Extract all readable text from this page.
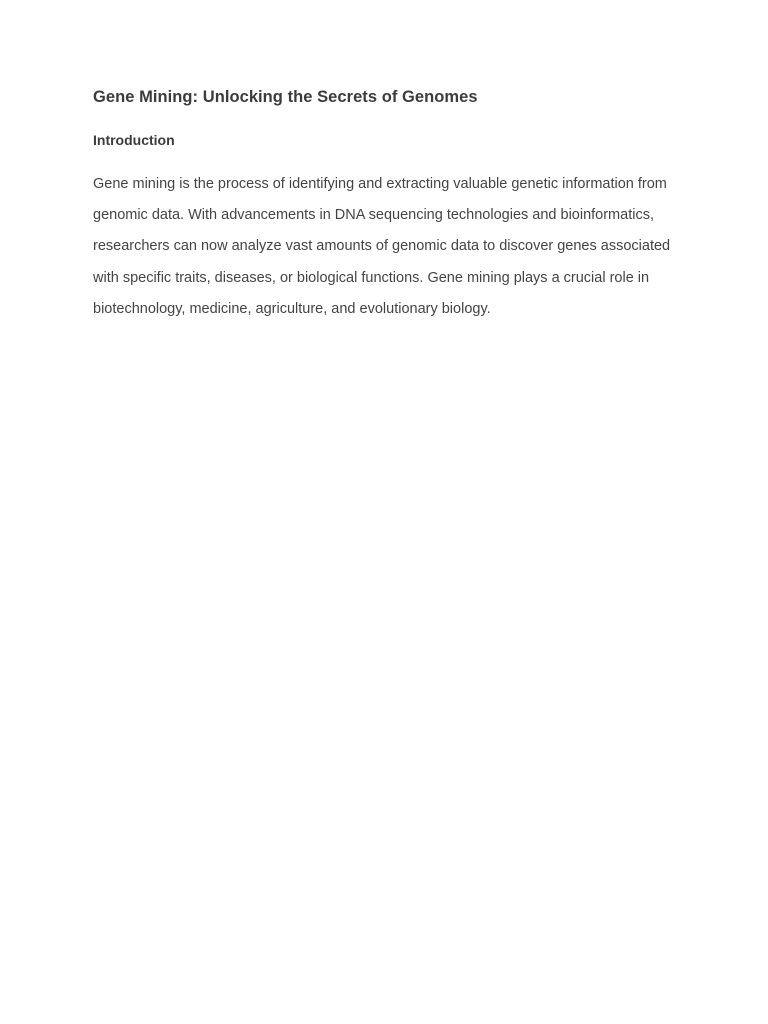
Gene Mining: Unlocking the Secrets of Genomes
Introduction

Gene mining is the process of identifying and extracting valuable genetic information from genomic data. With advancements in DNA sequencing technologies and bioinformatics, researchers can now analyze vast amounts of genomic data to discover genes associated with specific traits, diseases, or biological functions. Gene mining plays a crucial role in biotechnology, medicine, agriculture, and evolutionary biology.
